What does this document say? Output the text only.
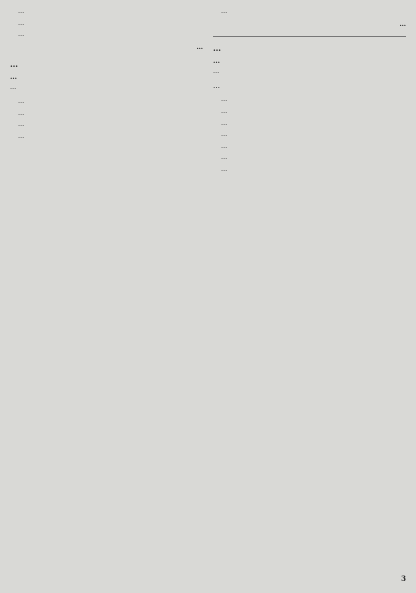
…

…

…

…
…
…
…

…

…

…

…

…

…
…
…
…
…

…

…

…

…

…

…

…

3
